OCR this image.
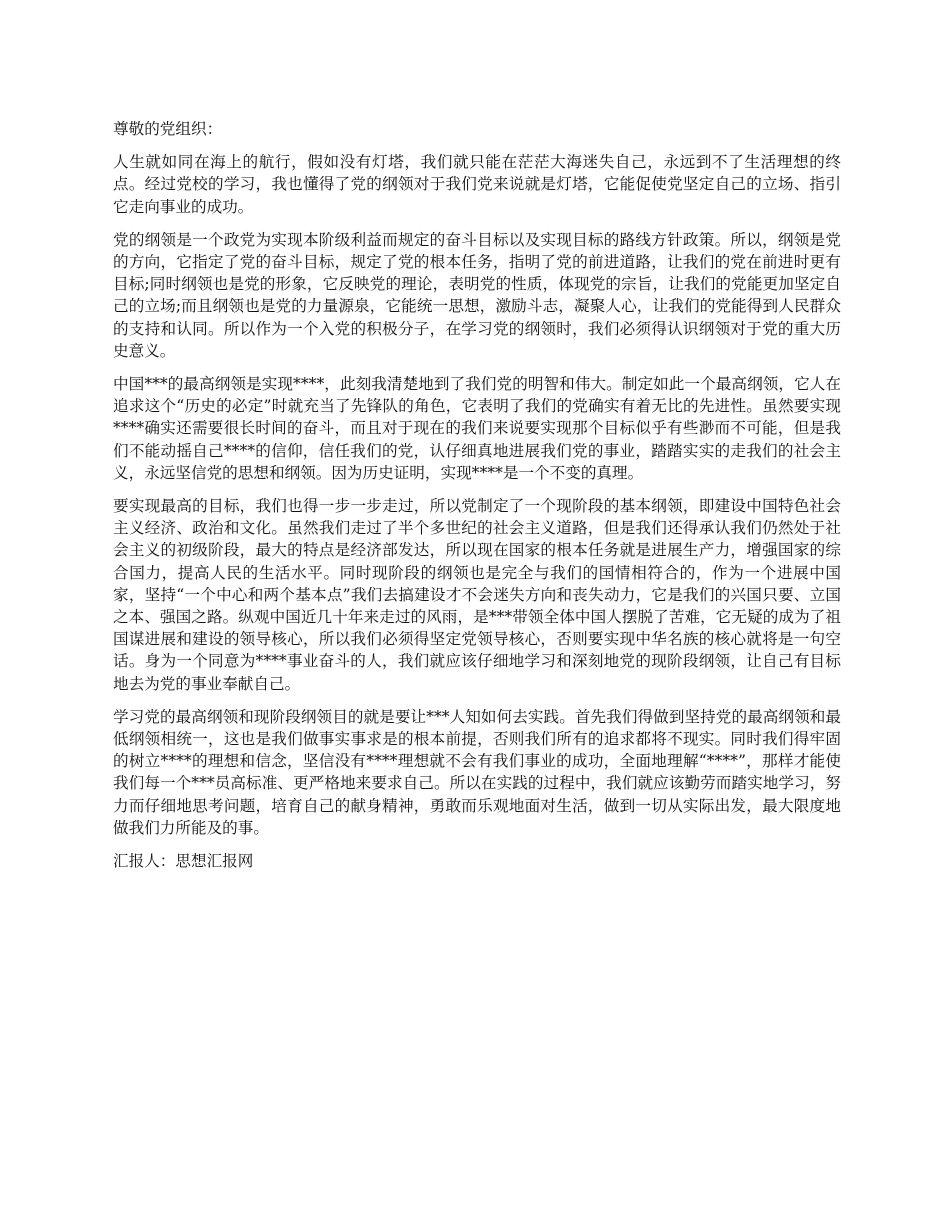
尊敬的党组织：

人生就如同在海上的航行，假如没有灯塔，我们就只能在茫茫大海迷失自己，永远到不了生活理想的终点。经过党校的学习，我也懂得了党的纲领对于我们党来说就是灯塔，它能促使党坚定自己的立场、指引它走向事业的成功。

党的纲领是一个政党为实现本阶级利益而规定的奋斗目标以及实现目标的路线方针政策。所以，纲领是党的方向，它指定了党的奋斗目标，规定了党的根本任务，指明了党的前进道路，让我们的党在前进时更有目标;同时纲领也是党的形象，它反映党的理论，表明党的性质，体现党的宗旨，让我们的党能更加坚定自己的立场;而且纲领也是党的力量源泉，它能统一思想，激励斗志，凝聚人心，让我们的党能得到人民群众的支持和认同。所以作为一个入党的积极分子，在学习党的纲领时，我们必须得认识纲领对于党的重大历史意义。

中国***的最高纲领是实现****，此刻我清楚地到了我们党的明智和伟大。制定如此一个最高纲领，它人在追求这个“历史的必定”时就充当了先锋队的角色，它表明了我们的党确实有着无比的先进性。虽然要实现****确实还需要很长时间的奋斗，而且对于现在的我们来说要实现那个目标似乎有些渺而不可能，但是我们不能动摇自己****的信仰，信任我们的党，认仔细真地进展我们党的事业，踏踏实实的走我们的社会主义，永远坚信党的思想和纲领。因为历史证明，实现****是一个不变的真理。

要实现最高的目标，我们也得一步一步走过，所以党制定了一个现阶段的基本纲领，即建设中国特色社会主义经济、政治和文化。虽然我们走过了半个多世纪的社会主义道路，但是我们还得承认我们仍然处于社会主义的初级阶段，最大的特点是经济部发达，所以现在国家的根本任务就是进展生产力，增强国家的综合国力，提高人民的生活水平。同时现阶段的纲领也是完全与我们的国情相符合的，作为一个进展中国家，坚持“一个中心和两个基本点”我们去搞建设才不会迷失方向和丧失动力，它是我们的兴国只要、立国之本、强国之路。纵观中国近几十年来走过的风雨，是***带领全体中国人摆脱了苦难，它无疑的成为了祖国谋进展和建设的领导核心，所以我们必须得坚定党领导核心，否则要实现中华名族的核心就将是一句空话。身为一个同意为****事业奋斗的人，我们就应该仔细地学习和深刻地党的现阶段纲领，让自己有目标地去为党的事业奉献自己。

学习党的最高纲领和现阶段纲领目的就是要让***人知如何去实践。首先我们得做到坚持党的最高纲领和最低纲领相统一，这也是我们做事实事求是的根本前提，否则我们所有的追求都将不现实。同时我们得牢固的树立****的理想和信念，坚信没有****理想就不会有我们事业的成功，全面地理解“****”，那样才能使我们每一个***员高标准、更严格地来要求自己。所以在实践的过程中，我们就应该勤劳而踏实地学习，努力而仔细地思考问题，培育自己的献身精神，勇敢而乐观地面对生活，做到一切从实际出发，最大限度地做我们力所能及的事。

汇报人：思想汇报网
